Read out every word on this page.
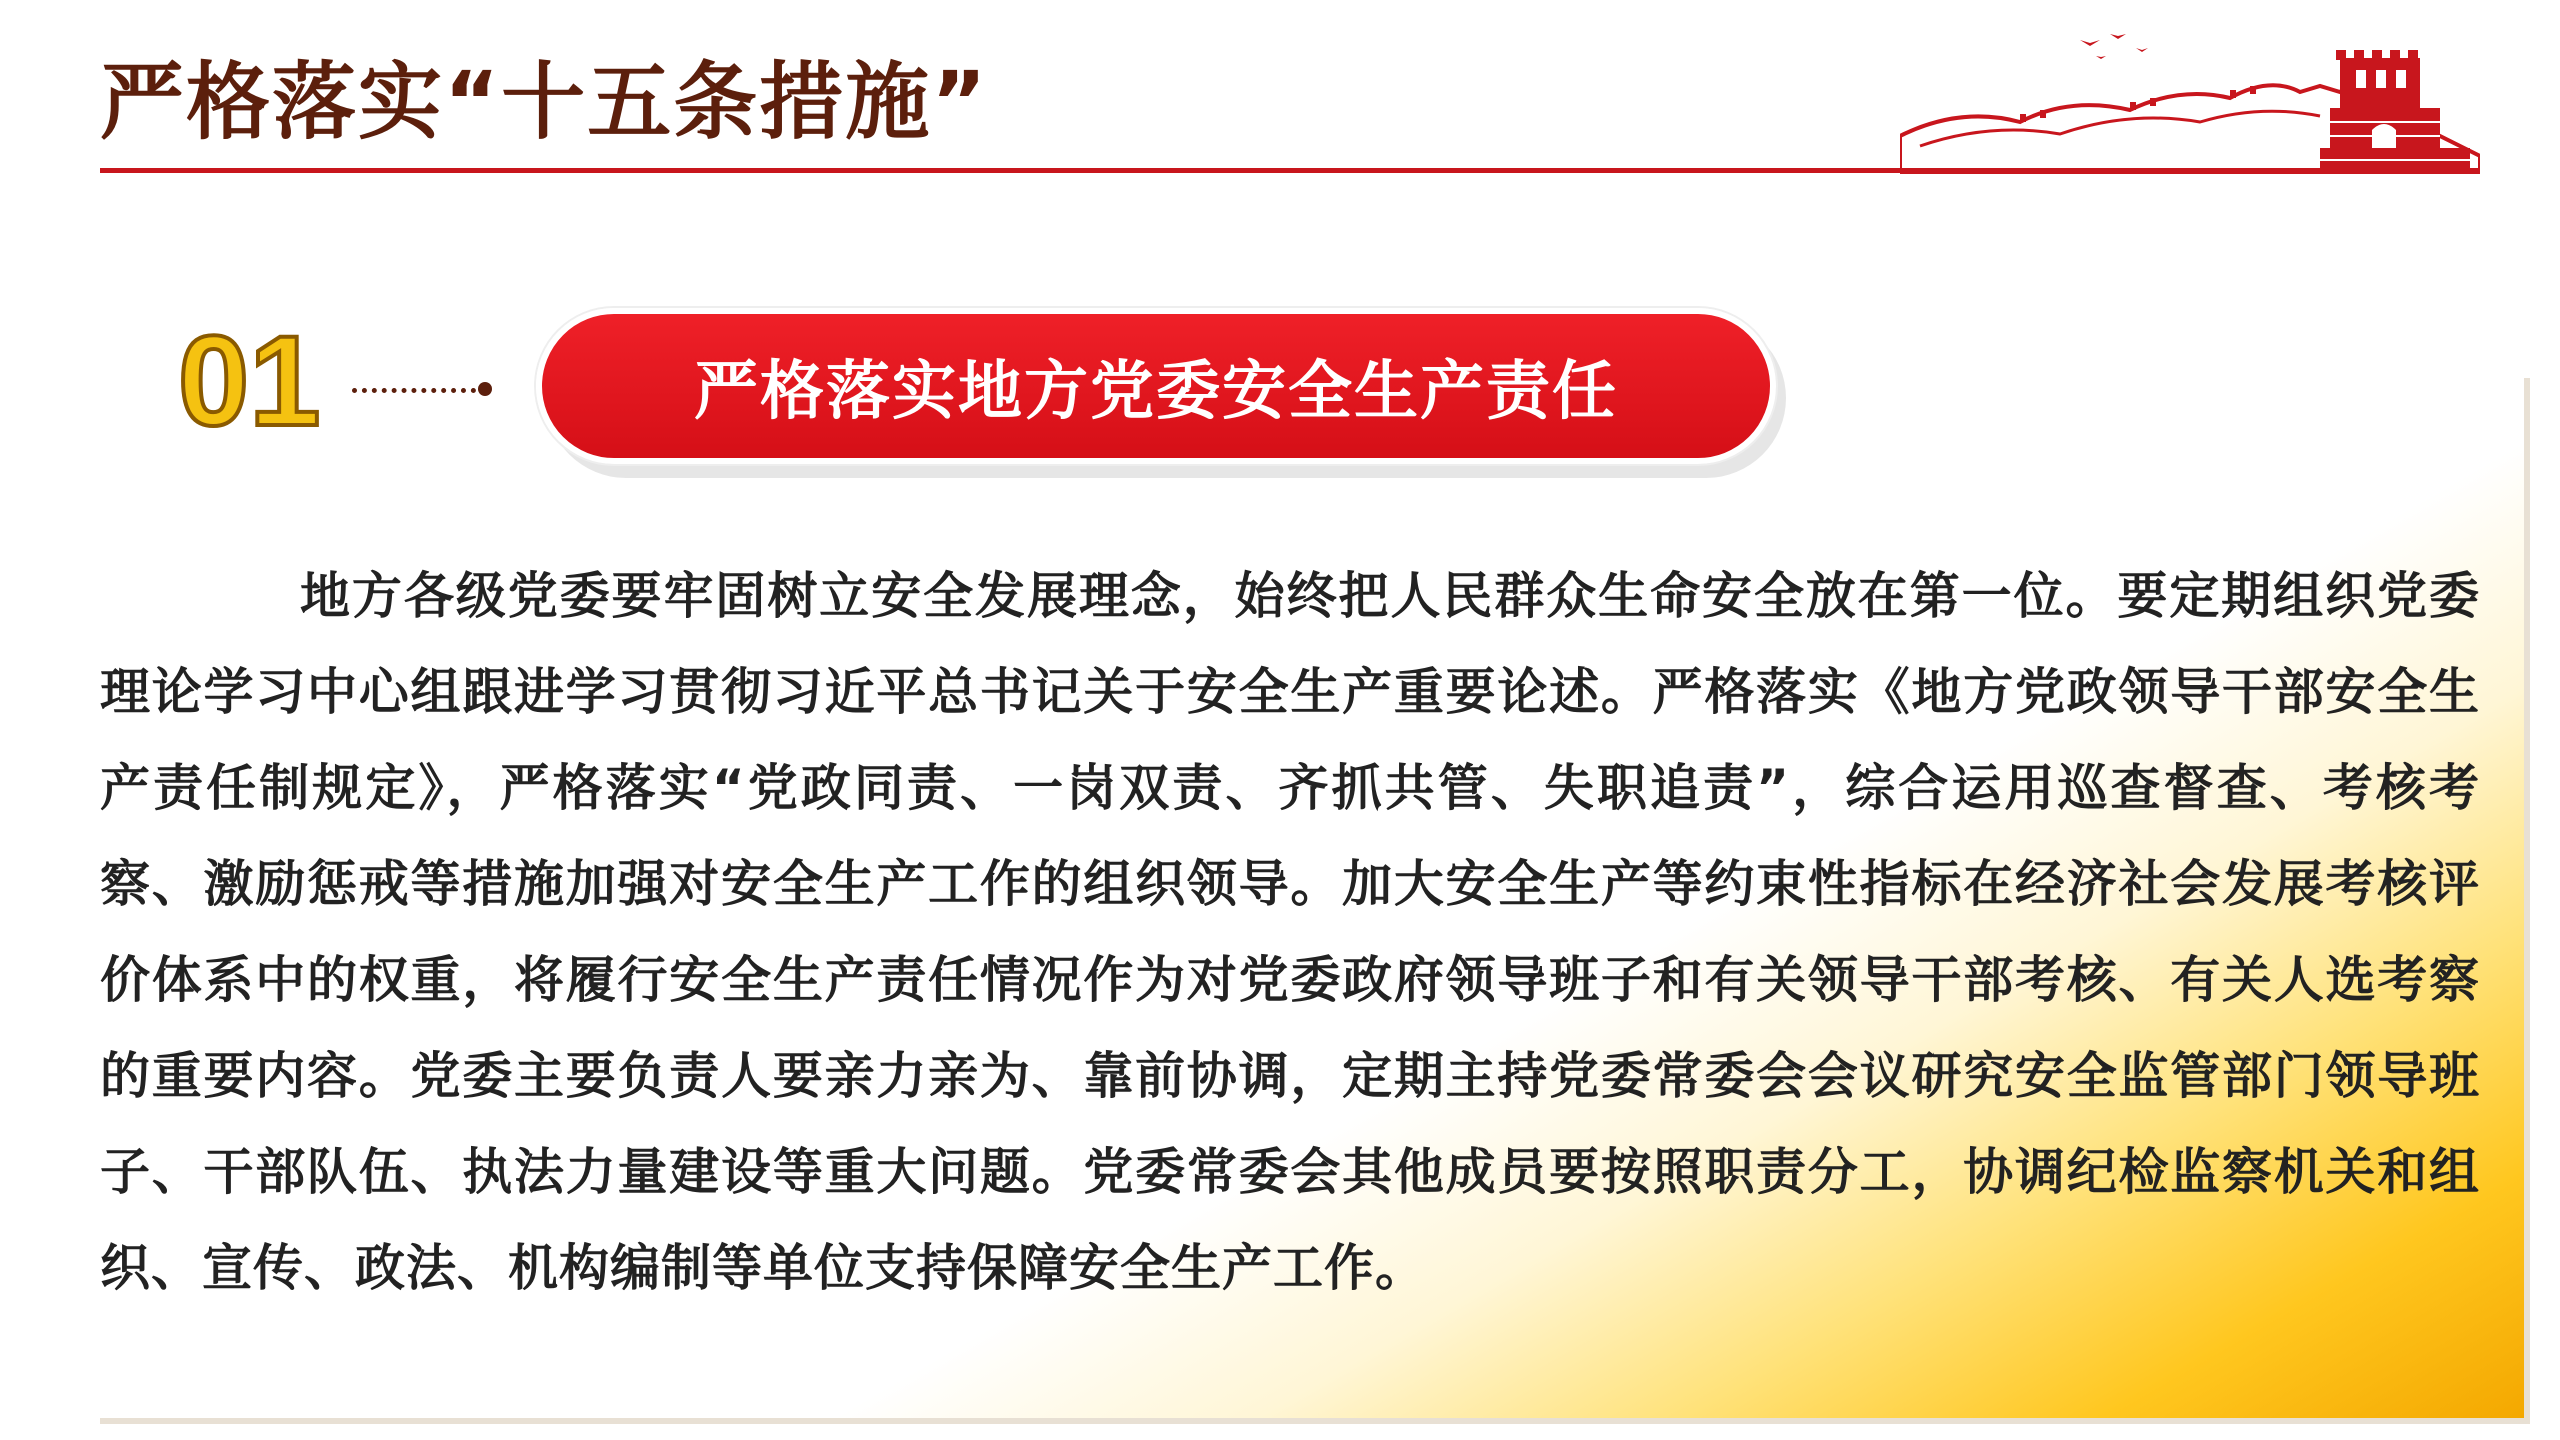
严格落实“十五条措施”
01	严格落实地方党委安全生产责任

地方各级党委要牢固树立安全发展理念，始终把人民群众生命安全放在第一位。要定期组织党委理论学习中心组跟进学习贯彻习近平总书记关于安全生产重要论述。严格落实《地方党政领导干部安全生产责任制规定》，严格落实“党政同责、一岗双责、齐抓共管、失职追责”，综合运用巡查督查、考核考察、激励惩戒等措施加强对安全生产工作的组织领导。加大安全生产等约束性指标在经济社会发展考核评价体系中的权重，将履行安全生产责任情况作为对党委政府领导班子和有关领导干部考核、有关人选考察的重要内容。党委主要负责人要亲力亲为、靠前协调，定期主持党委常委会会议研究安全监管部门领导班子、干部队伍、执法力量建设等重大问题。党委常委会其他成员要按照职责分工，协调纪检监察机关和组织、宣传、政法、机构编制等单位支持保障安全生产工作。
